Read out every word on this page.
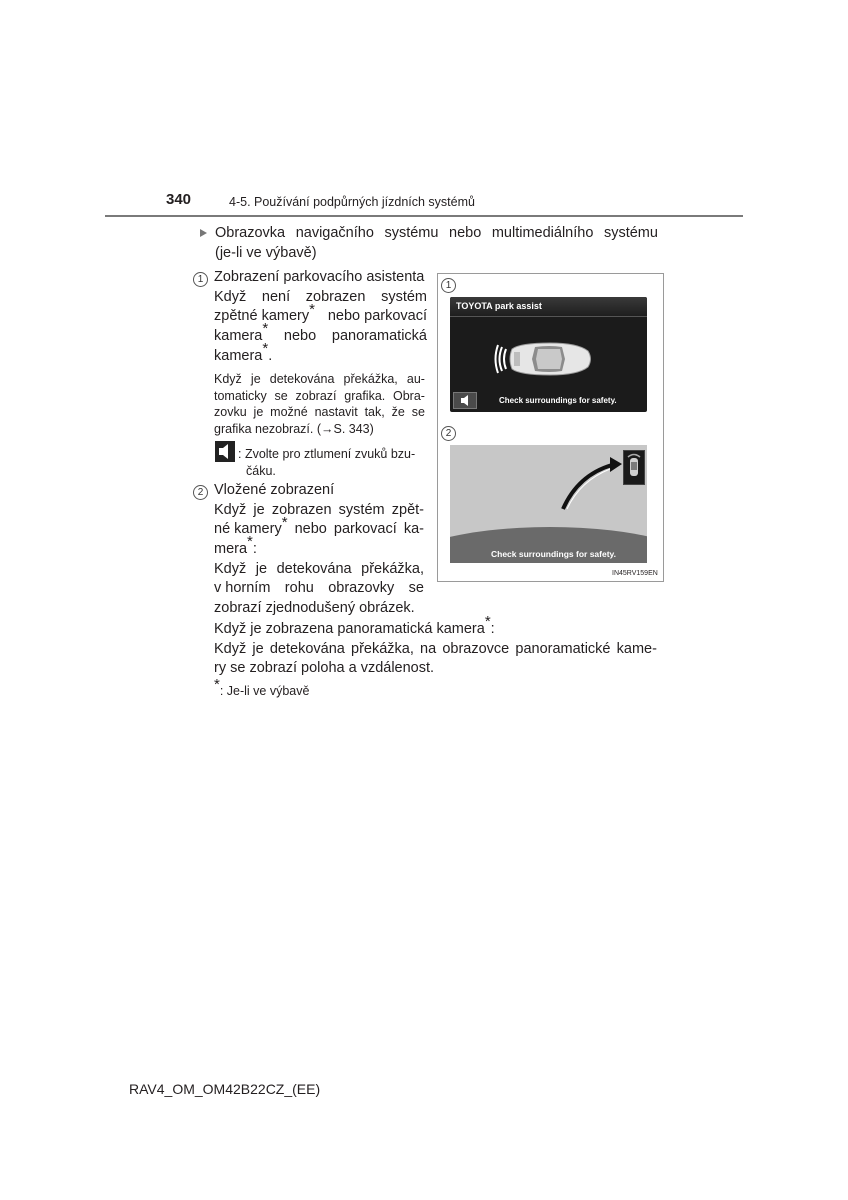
340	4-5. Používání podpůrných jízdních systémů
Obrazovka navigačního systému nebo multimediálního systému
(je-li ve výbavě)
1 Zobrazení parkovacího asistenta
Když není zobrazen systém
zpětné kamery* nebo parkovací
kamera* nebo panoramatická
kamera*.
Když je detekována překážka, au-
tomaticky se zobrazí grafika. Obra-
zovku je možné nastavit tak, že se
grafika nezobrazí. (→S. 343)
: Zvolte pro ztlumení zvuků bzu-
čáku.
2 Vložené zobrazení
Když je zobrazen systém zpět-
né kamery* nebo parkovací ka-
mera*:
Když je detekována překážka,
v horním rohu obrazovky se
zobrazí zjednodušený obrázek.
Když je zobrazena panoramatická kamera*:
Když je detekována překážka, na obrazovce panoramatické kame-
ry se zobrazí poloha a vzdálenost.
*: Je-li ve výbavě
1
2
TOYOTA park assist
Check surroundings for safety.
Check surroundings for safety.
IN45RV159EN
RAV4_OM_OM42B22CZ_(EE)
